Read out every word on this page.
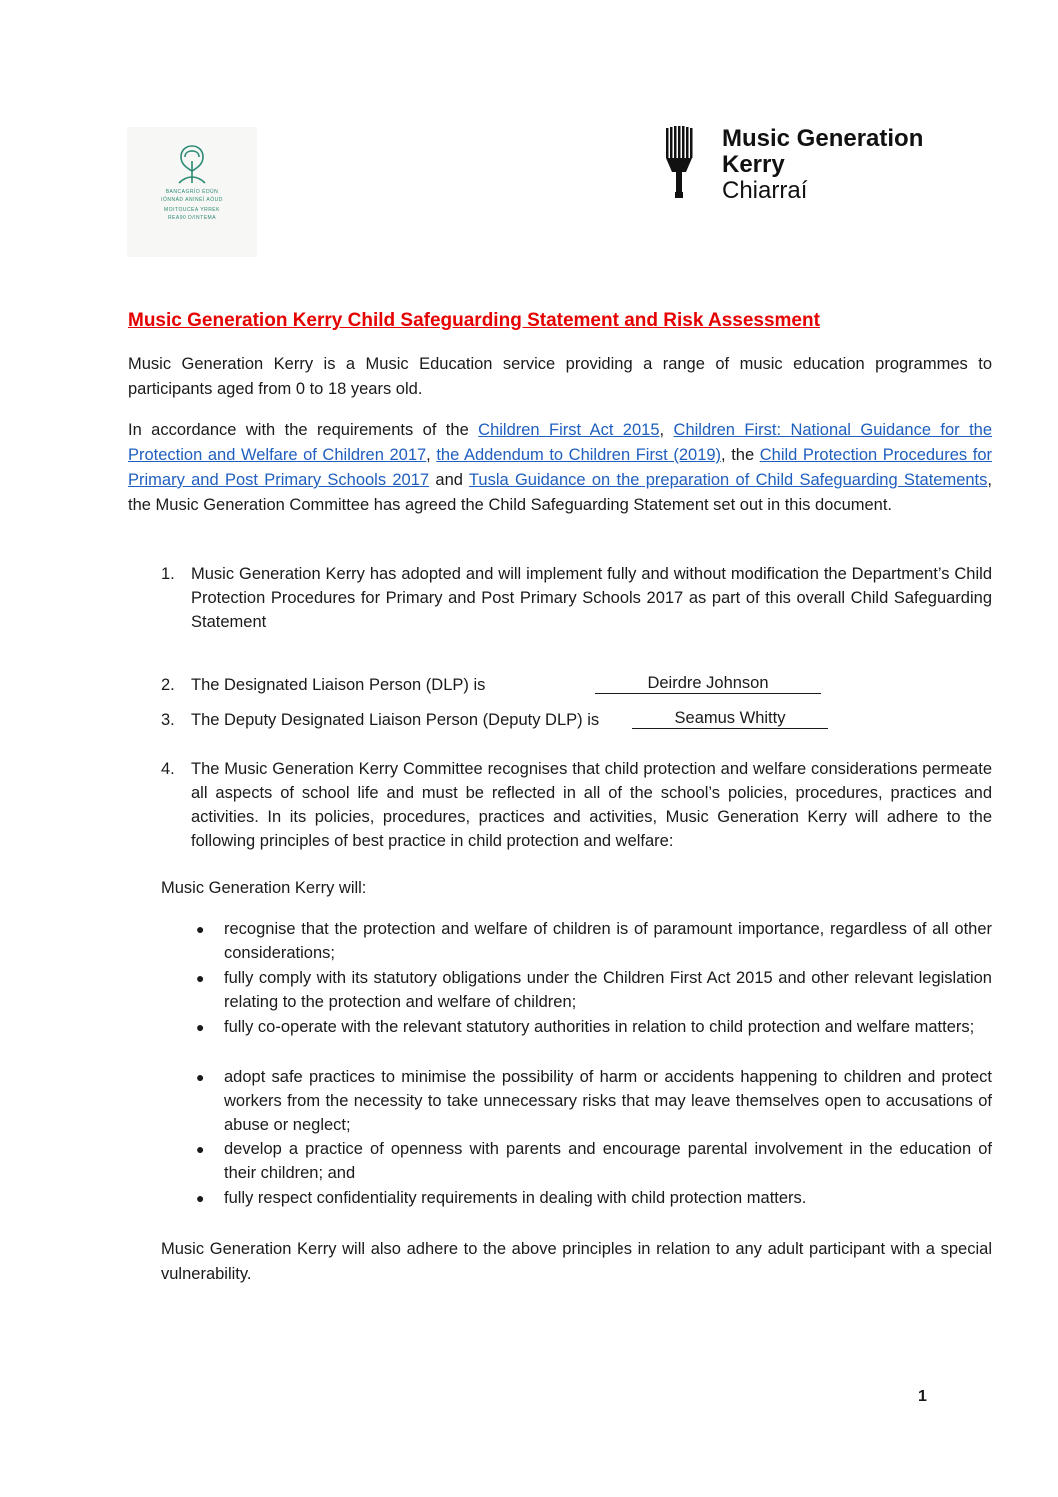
BANCAGRÍO ÉDÚN
IÓNNÁD ANÍNÉÍ AÓUD
MOITOUCEA YRREK
REA90 D/INTEMA
Music Generation
Kerry
Chiarraí
Music Generation Kerry Child Safeguarding Statement and Risk Assessment
Music Generation Kerry is a Music Education service providing a range of music education programmes to participants aged from 0 to 18 years old.
In accordance with the requirements of the Children First Act 2015, Children First: National Guidance for the Protection and Welfare of Children 2017, the Addendum to Children First (2019), the Child Protection Procedures for Primary and Post Primary Schools 2017 and Tusla Guidance on the preparation of Child Safeguarding Statements, the Music Generation Committee has agreed the Child Safeguarding Statement set out in this document.
1. Music Generation Kerry has adopted and will implement fully and without modification the Department’s Child Protection Procedures for Primary and Post Primary Schools 2017 as part of this overall Child Safeguarding Statement
2. The Designated Liaison Person (DLP) is	Deirdre Johnson
3. The Deputy Designated Liaison Person (Deputy DLP) is	Seamus Whitty
4. The Music Generation Kerry Committee recognises that child protection and welfare considerations permeate all aspects of school life and must be reflected in all of the school’s policies, procedures, practices and activities. In its policies, procedures, practices and activities, Music Generation Kerry will adhere to the following principles of best practice in child protection and welfare:
Music Generation Kerry will:
● recognise that the protection and welfare of children is of paramount importance, regardless of all other considerations;
● fully comply with its statutory obligations under the Children First Act 2015 and other relevant legislation relating to the protection and welfare of children;
● fully co-operate with the relevant statutory authorities in relation to child protection and welfare matters;
● adopt safe practices to minimise the possibility of harm or accidents happening to children and protect workers from the necessity to take unnecessary risks that may leave themselves open to accusations of abuse or neglect;
● develop a practice of openness with parents and encourage parental involvement in the education of their children; and
● fully respect confidentiality requirements in dealing with child protection matters.
Music Generation Kerry will also adhere to the above principles in relation to any adult participant with a special vulnerability.
1
